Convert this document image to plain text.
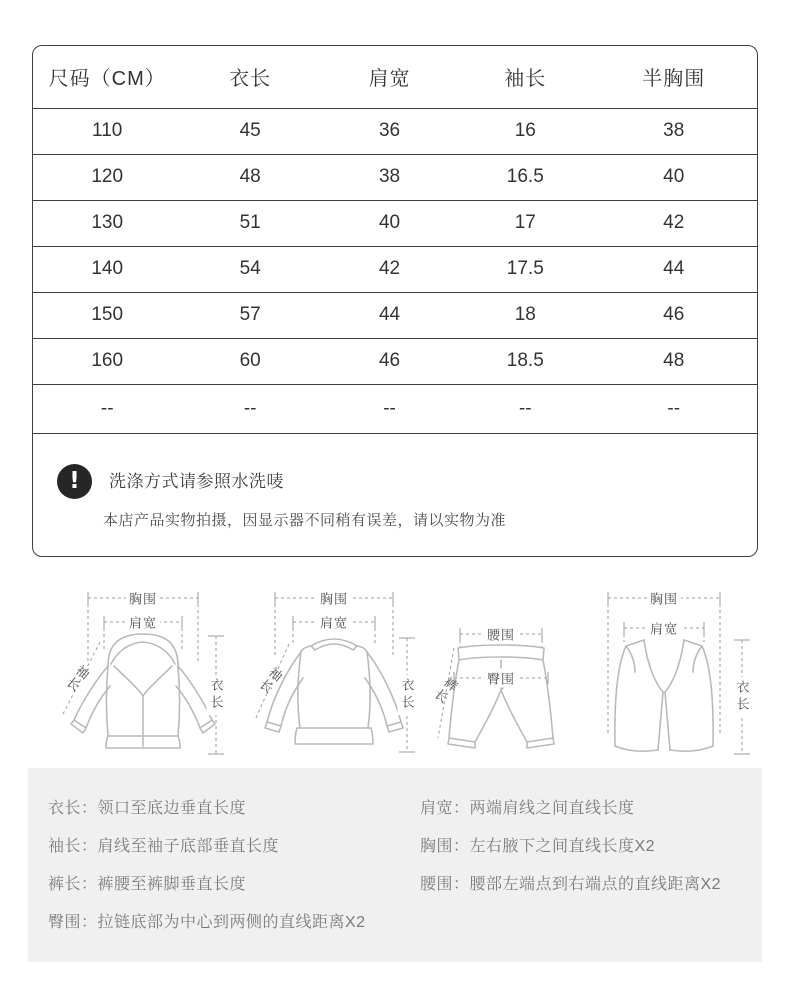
尺码（CM）	衣长	肩宽	袖长	半胸围
110	45	36	16	38
120	48	38	16.5	40
130	51	40	17	42
140	54	42	17.5	44
150	57	44	18	46
160	60	46	18.5	48
--	--	--	--	--
!	洗涤方式请参照水洗唛
本店产品实物拍摄，因显示器不同稍有误差，请以实物为准
胸围
肩宽
袖长	衣长
胸围
肩宽
袖长	衣长
腰围
臀围
裤长
胸围
肩宽
衣长
衣长：领口至底边垂直长度
袖长：肩线至袖子底部垂直长度
裤长：裤腰至裤脚垂直长度
臀围：拉链底部为中心到两侧的直线距离X2
肩宽：两端肩线之间直线长度
胸围：左右腋下之间直线长度X2
腰围：腰部左端点到右端点的直线距离X2
